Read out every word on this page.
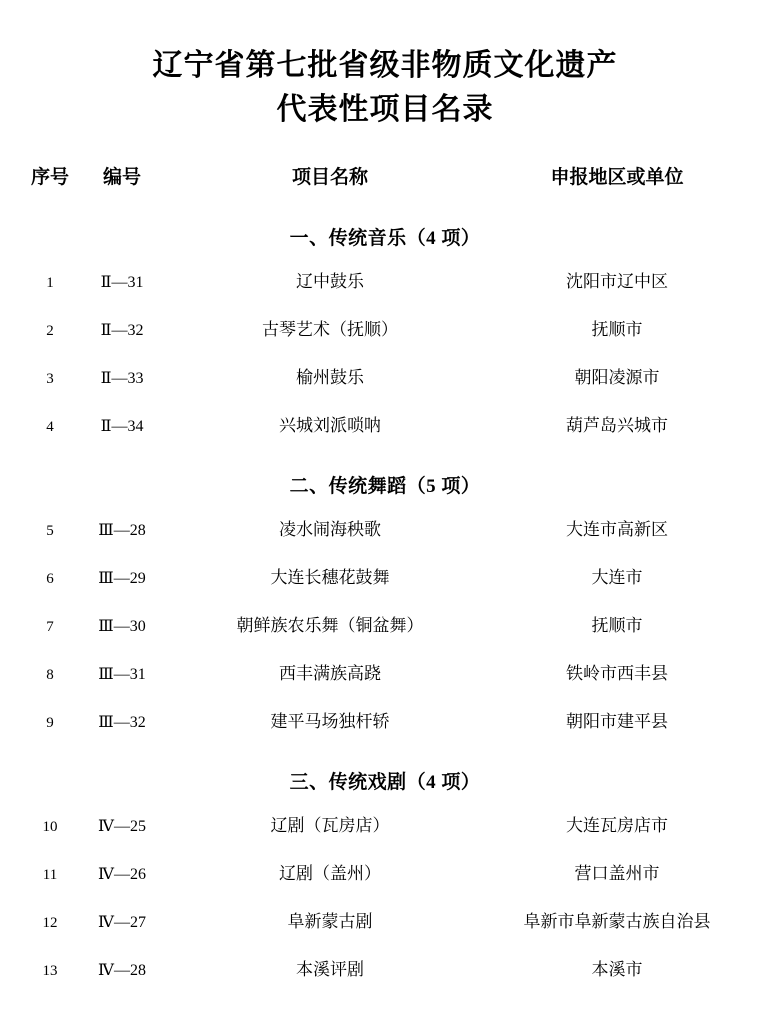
辽宁省第七批省级非物质文化遗产
代表性项目名录
序号	编号	项目名称	申报地区或单位
一、传统音乐（4 项）
1	Ⅱ—31	辽中鼓乐	沈阳市辽中区
2	Ⅱ—32	古琴艺术（抚顺）	抚顺市
3	Ⅱ—33	榆州鼓乐	朝阳凌源市
4	Ⅱ—34	兴城刘派唢呐	葫芦岛兴城市
二、传统舞蹈（5 项）
5	Ⅲ—28	凌水闹海秧歌	大连市高新区
6	Ⅲ—29	大连长穗花鼓舞	大连市
7	Ⅲ—30	朝鲜族农乐舞（铜盆舞）	抚顺市
8	Ⅲ—31	西丰满族高跷	铁岭市西丰县
9	Ⅲ—32	建平马场独杆轿	朝阳市建平县
三、传统戏剧（4 项）
10	Ⅳ—25	辽剧（瓦房店）	大连瓦房店市
11	Ⅳ—26	辽剧（盖州）	营口盖州市
12	Ⅳ—27	阜新蒙古剧	阜新市阜新蒙古族自治县
13	Ⅳ—28	本溪评剧	本溪市
